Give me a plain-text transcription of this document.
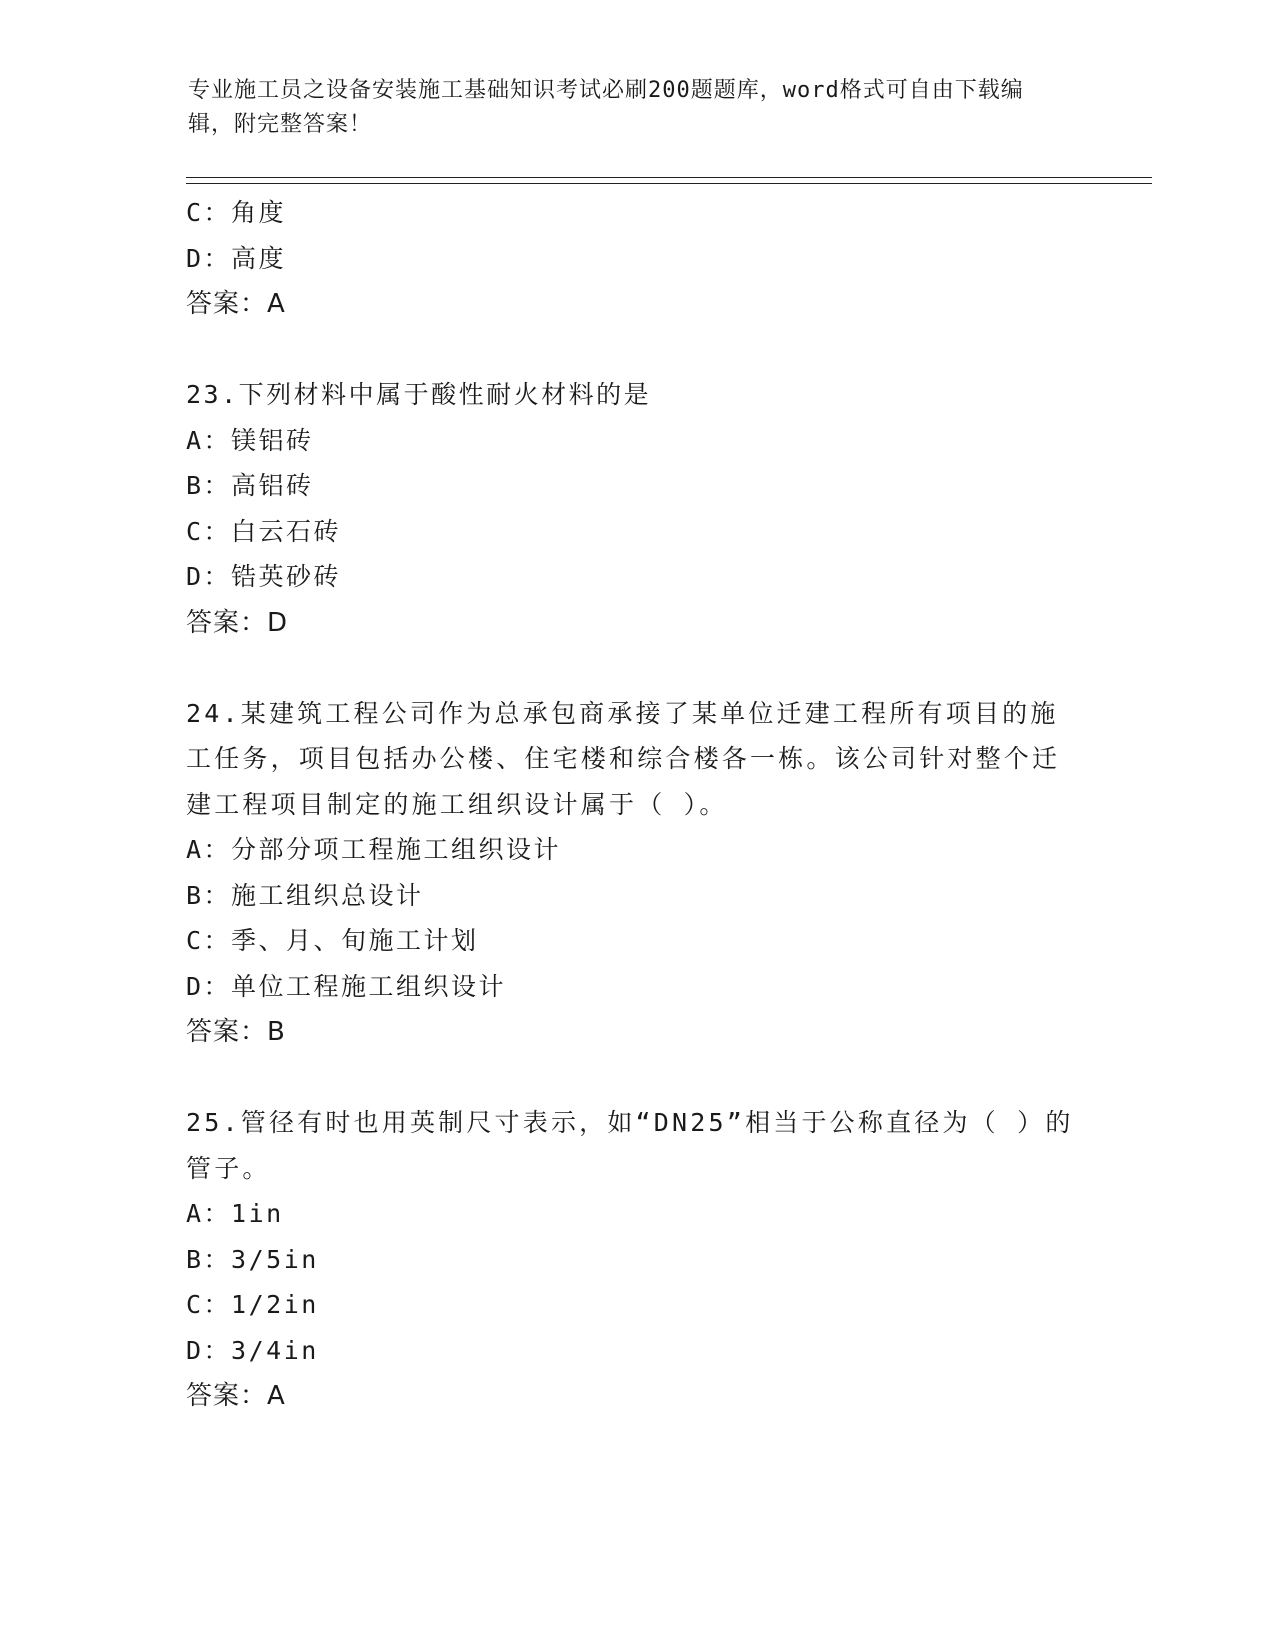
专业施工员之设备安装施工基础知识考试必刷200题题库，word格式可自由下载编辑，附完整答案！
C：角度
D：高度
答案：A
23.下列材料中属于酸性耐火材料的是
A：镁铝砖
B：高铝砖
C：白云石砖
D：锆英砂砖
答案：D
24.某建筑工程公司作为总承包商承接了某单位迁建工程所有项目的施工任务，项目包括办公楼、住宅楼和综合楼各一栋。该公司针对整个迁建工程项目制定的施工组织设计属于（ ）。
A：分部分项工程施工组织设计
B：施工组织总设计
C：季、月、旬施工计划
D：单位工程施工组织设计
答案：B
25.管径有时也用英制尺寸表示，如“DN25”相当于公称直径为（ ）的管子。
A：1in
B：3/5in
C：1/2in
D：3/4in
答案：A
